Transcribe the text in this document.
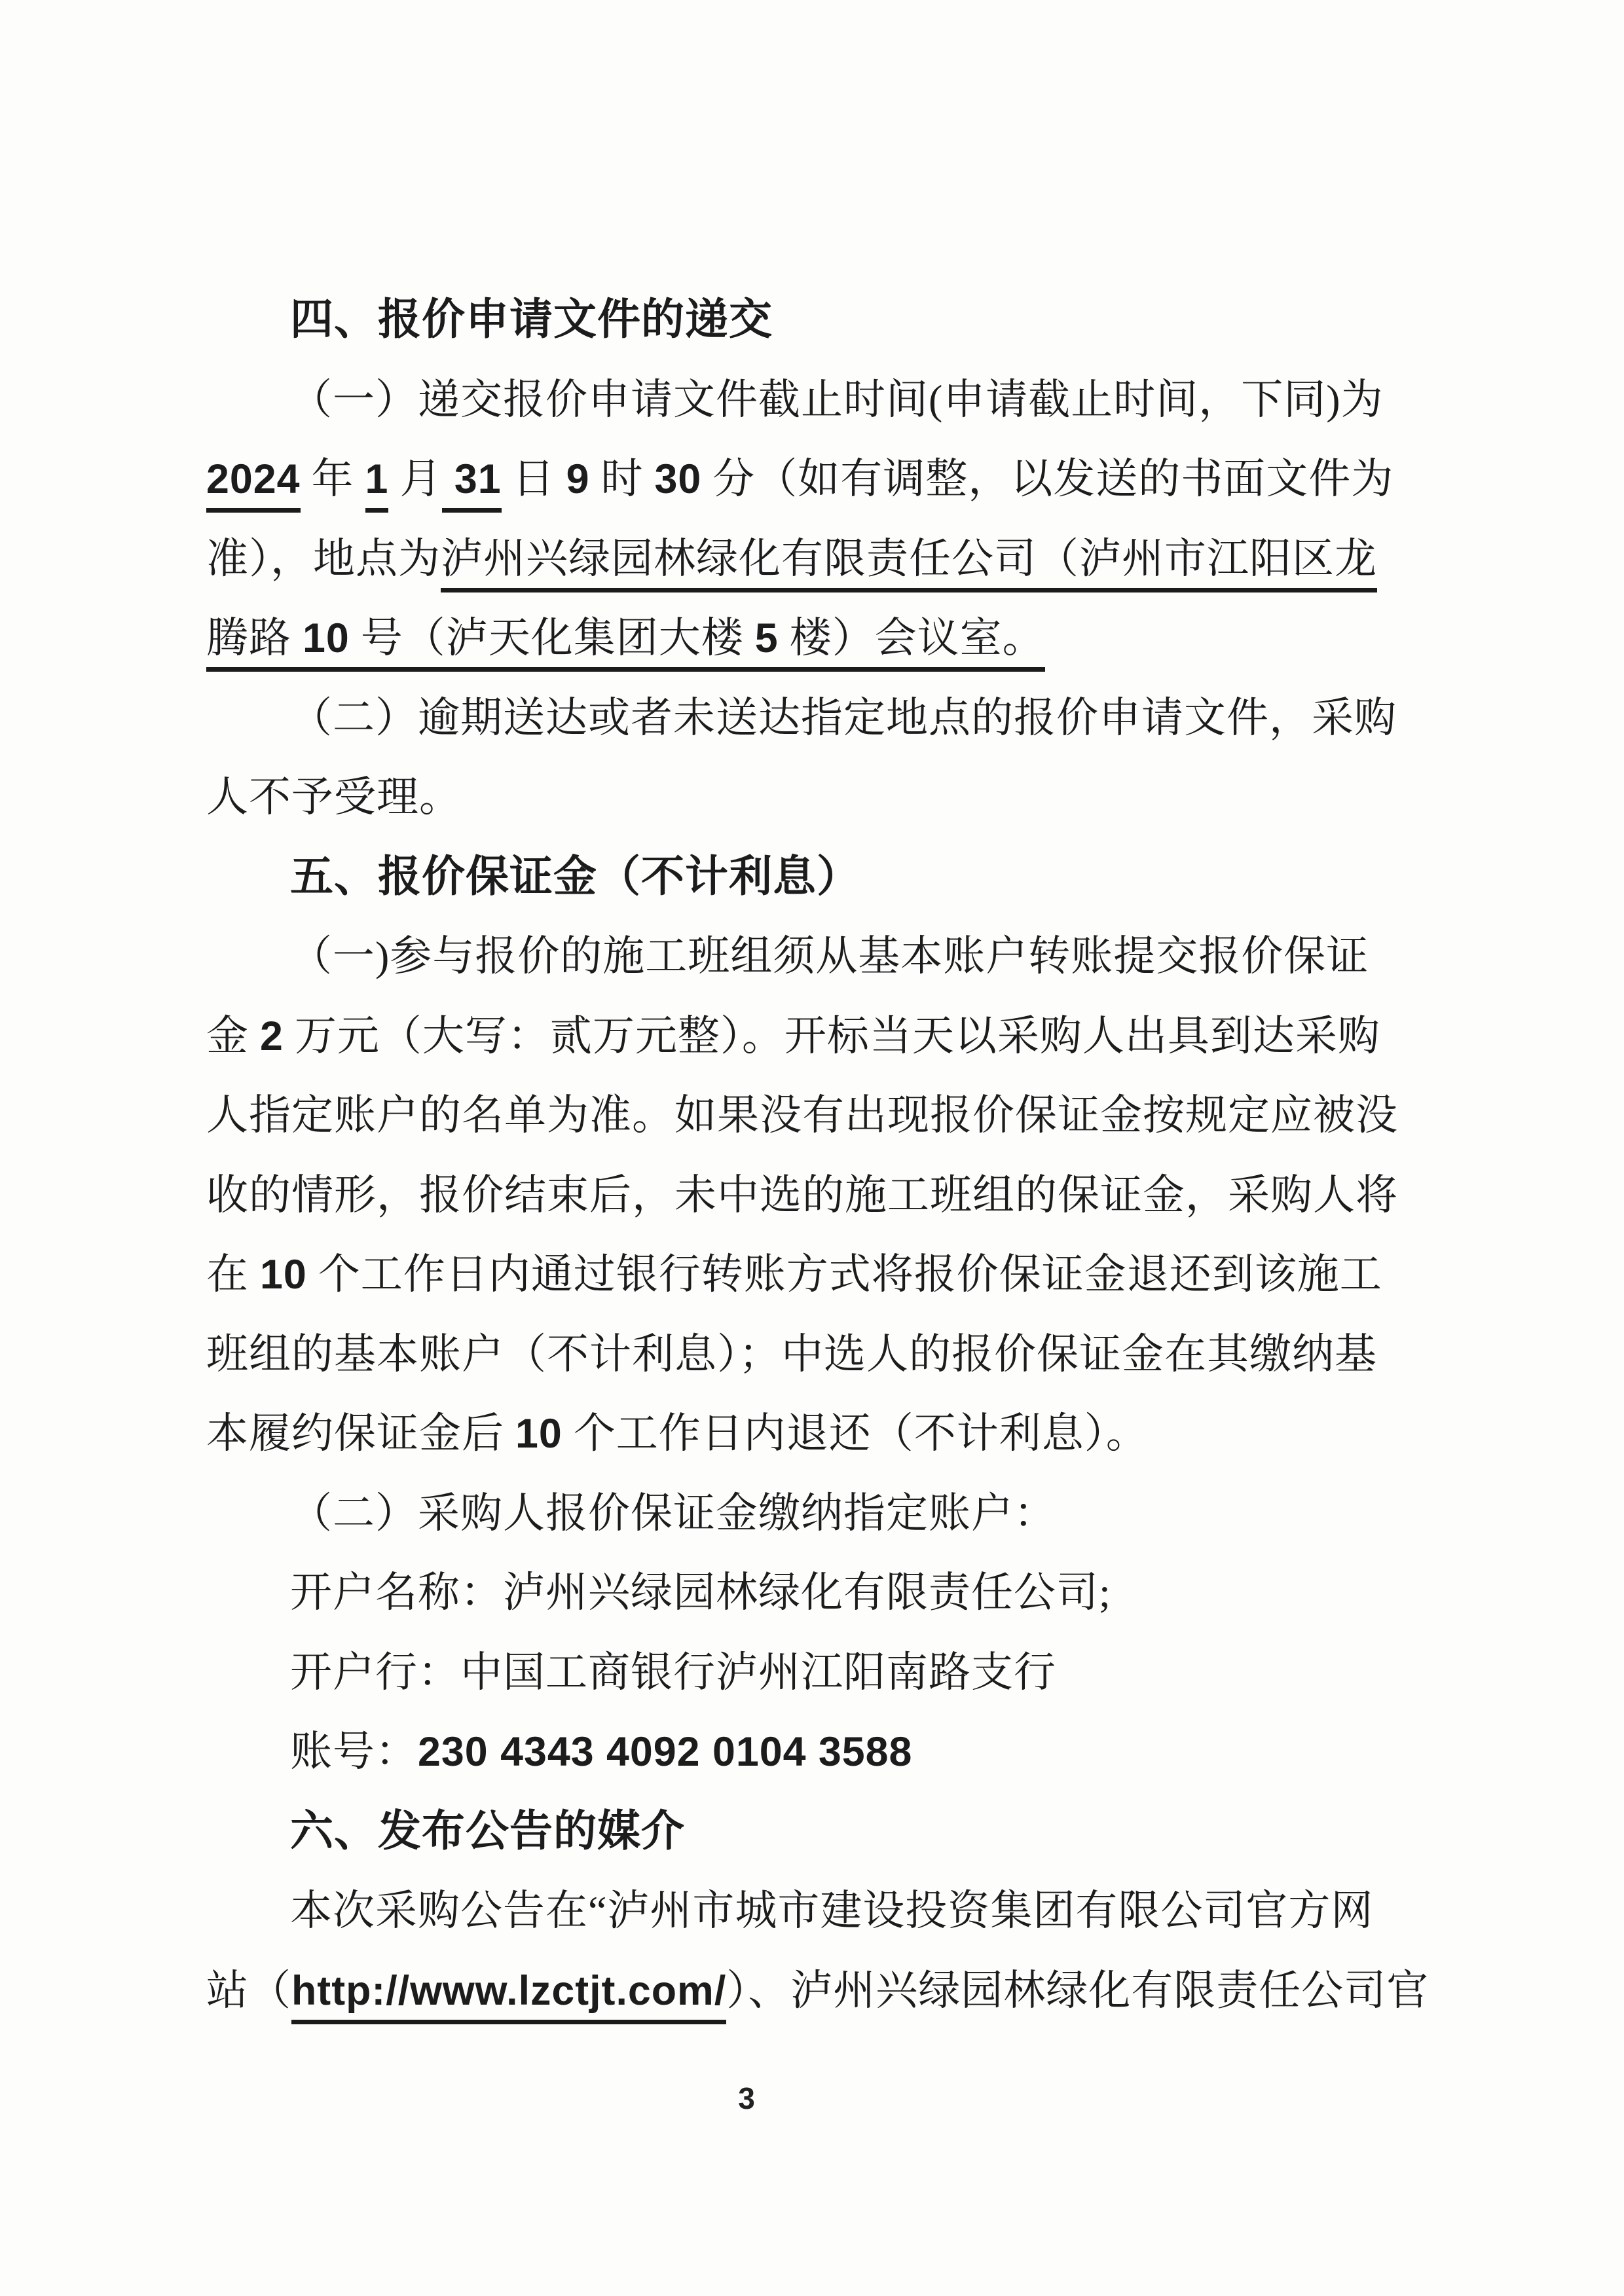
四、报价申请文件的递交
（一）递交报价申请文件截止时间(申请截止时间，下同)为
2024 年 1 月 31 日 9 时 30 分（如有调整，以发送的书面文件为
准），地点为泸州兴绿园林绿化有限责任公司（泸州市江阳区龙
腾路 10 号（泸天化集团大楼 5 楼）会议室。
（二）逾期送达或者未送达指定地点的报价申请文件，采购
人不予受理。
五、报价保证金（不计利息）
（一)参与报价的施工班组须从基本账户转账提交报价保证
金 2 万元（大写：贰万元整）。开标当天以采购人出具到达采购
人指定账户的名单为准。如果没有出现报价保证金按规定应被没
收的情形，报价结束后，未中选的施工班组的保证金，采购人将
在 10 个工作日内通过银行转账方式将报价保证金退还到该施工
班组的基本账户（不计利息）；中选人的报价保证金在其缴纳基
本履约保证金后 10 个工作日内退还（不计利息）。
（二）采购人报价保证金缴纳指定账户：
开户名称：泸州兴绿园林绿化有限责任公司;
开户行：中国工商银行泸州江阳南路支行
账号：230 4343 4092 0104 3588
六、发布公告的媒介
本次采购公告在“泸州市城市建设投资集团有限公司官方网
站（http://www.lzctjt.com/）、泸州兴绿园林绿化有限责任公司官
3
